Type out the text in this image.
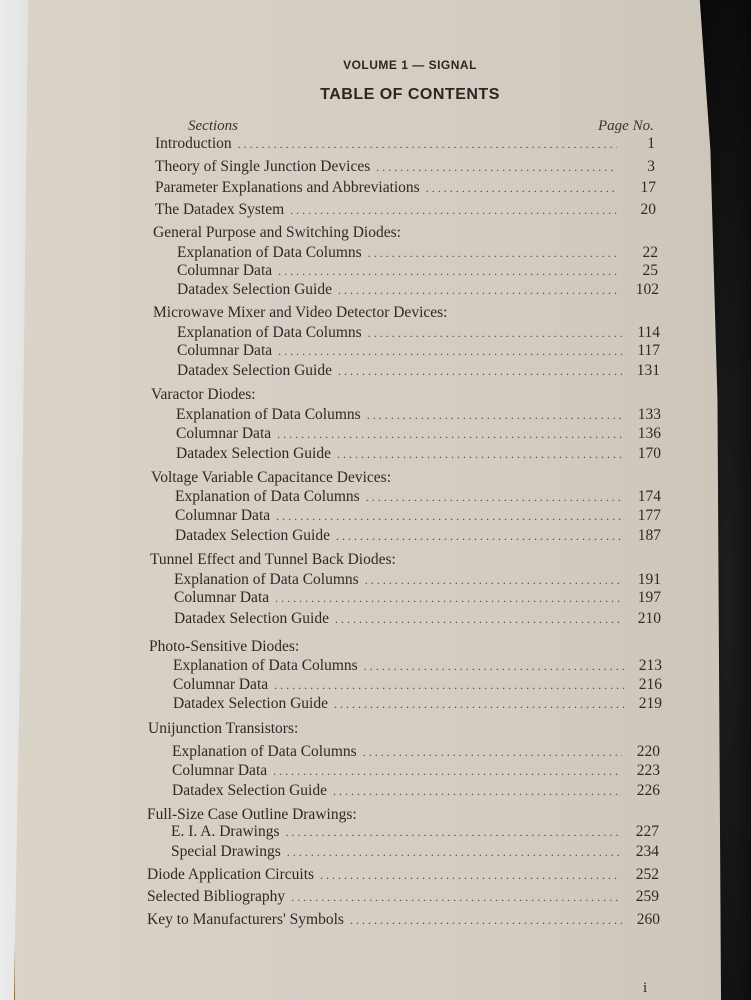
VOLUME 1 — SIGNAL
TABLE OF CONTENTS
Sections	Page No.
Introduction . . .	1
Theory of Single Junction Devices . . .	3
Parameter Explanations and Abbreviations . . .	17
The Datadex System . . .	20
General Purpose and Switching Diodes:
Explanation of Data Columns . . .	22
Columnar Data . . .	25
Datadex Selection Guide . . .	102
Microwave Mixer and Video Detector Devices:
Explanation of Data Columns . . .	114
Columnar Data . . .	117
Datadex Selection Guide . . .	131
Varactor Diodes:
Explanation of Data Columns . . .	133
Columnar Data . . .	136
Datadex Selection Guide . . .	170
Voltage Variable Capacitance Devices:
Explanation of Data Columns . . .	174
Columnar Data . . .	177
Datadex Selection Guide . . .	187
Tunnel Effect and Tunnel Back Diodes:
Explanation of Data Columns . . .	191
Columnar Data . . .	197
Datadex Selection Guide . . .	210
Photo-Sensitive Diodes:
Explanation of Data Columns . . .	213
Columnar Data . . .	216
Datadex Selection Guide . . .	219
Unijunction Transistors:
Explanation of Data Columns . . .	220
Columnar Data . . .	223
Datadex Selection Guide . . .	226
Full-Size Case Outline Drawings:
E. I. A. Drawings . . .	227
Special Drawings . . .	234
Diode Application Circuits . . .	252
Selected Bibliography . . .	259
Key to Manufacturers' Symbols . . .	260
i
